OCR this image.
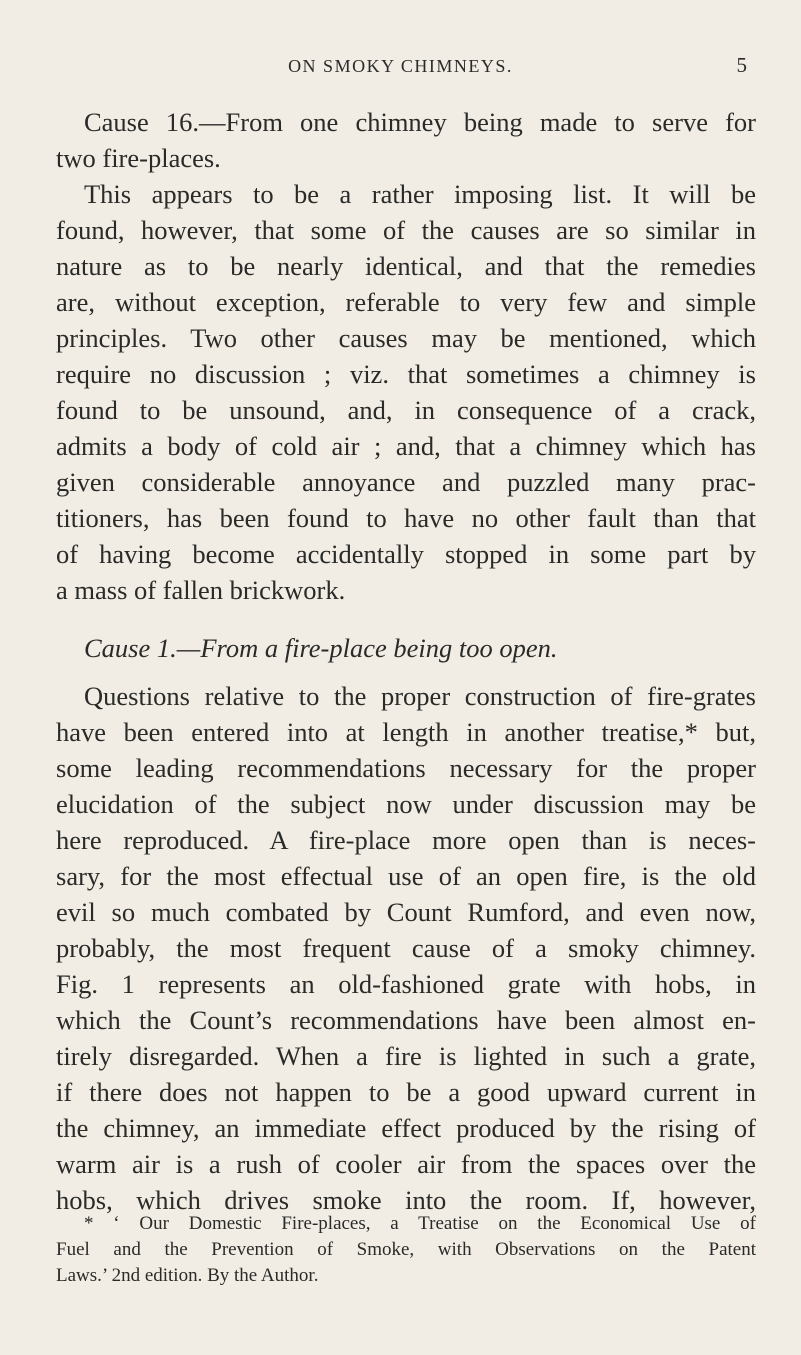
ON SMOKY CHIMNEYS.	5
Cause 16.—From one chimney being made to serve for
two fire-places.
This appears to be a rather imposing list. It will be
found, however, that some of the causes are so similar in
nature as to be nearly identical, and that the remedies
are, without exception, referable to very few and simple
principles. Two other causes may be mentioned, which
require no discussion ; viz. that sometimes a chimney is
found to be unsound, and, in consequence of a crack,
admits a body of cold air ; and, that a chimney which has
given considerable annoyance and puzzled many prac-
titioners, has been found to have no other fault than that
of having become accidentally stopped in some part by
a mass of fallen brickwork.
Cause 1.—From a fire-place being too open.
Questions relative to the proper construction of fire-grates
have been entered into at length in another treatise,* but,
some leading recommendations necessary for the proper
elucidation of the subject now under discussion may be
here reproduced. A fire-place more open than is neces-
sary, for the most effectual use of an open fire, is the old
evil so much combated by Count Rumford, and even now,
probably, the most frequent cause of a smoky chimney.
Fig. 1 represents an old-fashioned grate with hobs, in
which the Count’s recommendations have been almost en-
tirely disregarded. When a fire is lighted in such a grate,
if there does not happen to be a good upward current in
the chimney, an immediate effect produced by the rising of
warm air is a rush of cooler air from the spaces over the
hobs, which drives smoke into the room. If, however,
* ‘ Our Domestic Fire-places, a Treatise on the Economical Use of
Fuel and the Prevention of Smoke, with Observations on the Patent
Laws.’ 2nd edition. By the Author.
